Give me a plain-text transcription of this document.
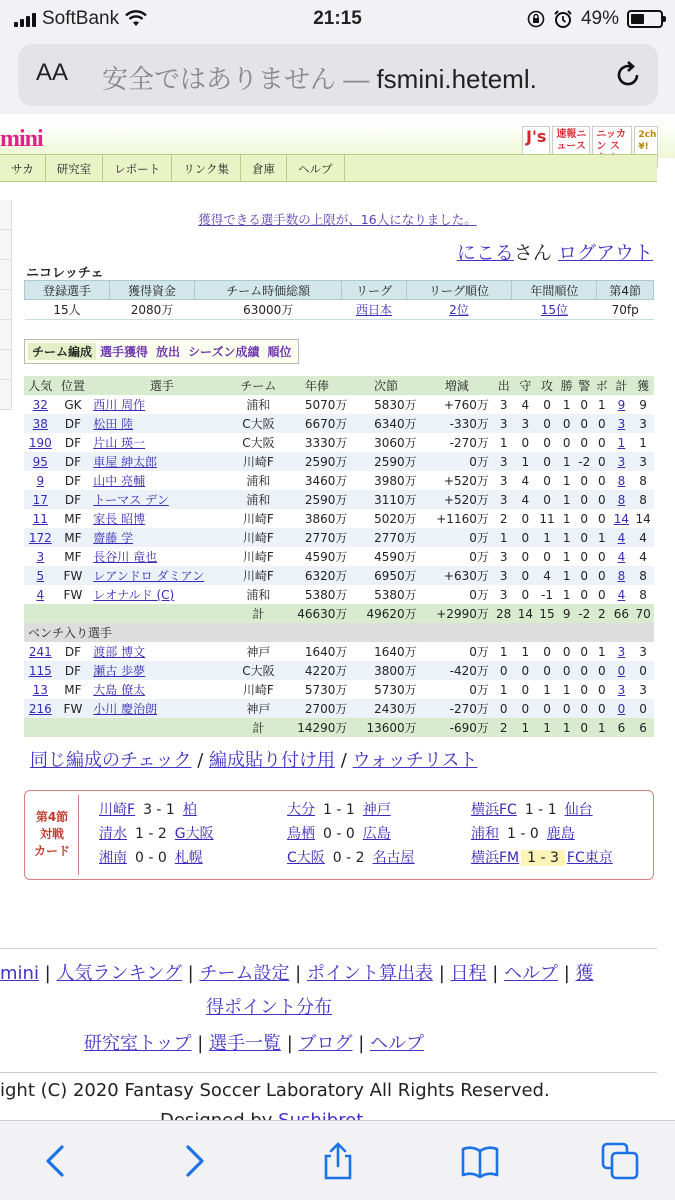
SoftBank	21:15	49%
AA 安全ではありません — fsmini.heteml.
mini	J's	速報ニュース
ニッカン ス
2ch ¥!
サカ	研究室	レポート	リンク集	倉庫	ヘルプ
獲得できる選手数の上限が、16人になりました。
にこるさん ログアウト
ニコレッチェ
登録選手	獲得資金	チーム時価総額	リーグ	リーグ順位	年間順位	第4節
15人	2080万	63000万	西日本	2位	15位	70fp
チーム編成 選手獲得 放出 シーズン成績 順位
人気	位置	選手	チーム	年俸	次節	増減	出	守	攻	勝	警	ボ	計	獲
32	GK	西川 周作	浦和	5070万	5830万	+760万	3	4	0	1	0	1	9	9
38	DF	松田 陸	C大阪	6670万	6340万	-330万	3	3	0	0	0	0	3	3
190	DF	片山 瑛一	C大阪	3330万	3060万	-270万	1	0	0	0	0	0	1	1
95	DF	車屋 紳太郎	川崎F	2590万	2590万	0万	3	1	0	1	-2	0	3	3
9	DF	山中 亮輔	浦和	3460万	3980万	+520万	3	4	0	1	0	0	8	8
17	DF	トーマス デン	浦和	2590万	3110万	+520万	3	4	0	1	0	0	8	8
11	MF	家長 昭博	川崎F	3860万	5020万	+1160万	2	0	11	1	0	0	14	14
172	MF	齋藤 学	川崎F	2770万	2770万	0万	1	0	1	1	0	1	4	4
3	MF	長谷川 竜也	川崎F	4590万	4590万	0万	3	0	0	1	0	0	4	4
5	FW	レアンドロ ダミアン	川崎F	6320万	6950万	+630万	3	0	4	1	0	0	8	8
4	FW	レオナルド (C)	浦和	5380万	5380万	0万	3	0	-1	1	0	0	4	8
			計	46630万	49620万	+2990万	28	14	15	9	-2	2	66	70
ベンチ入り選手														
241	DF	渡部 博文	神戸	1640万	1640万	0万	1	1	0	0	0	1	3	3
115	DF	瀬古 歩夢	C大阪	4220万	3800万	-420万	0	0	0	0	0	0	0	0
13	MF	大島 僚太	川崎F	5730万	5730万	0万	1	0	1	1	0	0	3	3
216	FW	小川 慶治朗	神戸	2700万	2430万	-270万	0	0	0	0	0	0	0	0
			計	14290万	13600万	-690万	2	1	1	1	0	1	6	6
同じ編成のチェック / 編成貼り付け用 / ウォッチリスト
第4節
対戦
カード
川崎F 3 - 1 柏	大分 1 - 1 神戸	横浜FC 1 - 1 仙台
清水 1 - 2 G大阪	鳥栖 0 - 0 広島	浦和 1 - 0 鹿島
湘南 0 - 0 札幌	C大阪 0 - 2 名古屋	横浜FM 1 - 3 FC東京
mini | 人気ランキング | チーム設定 | ポイント算出表 | 日程 | ヘルプ | 獲
得ポイント分布
研究室トップ | 選手一覧 | ブログ | ヘルプ
ight (C) 2020 Fantasy Soccer Laboratory All Rights Reserved.
